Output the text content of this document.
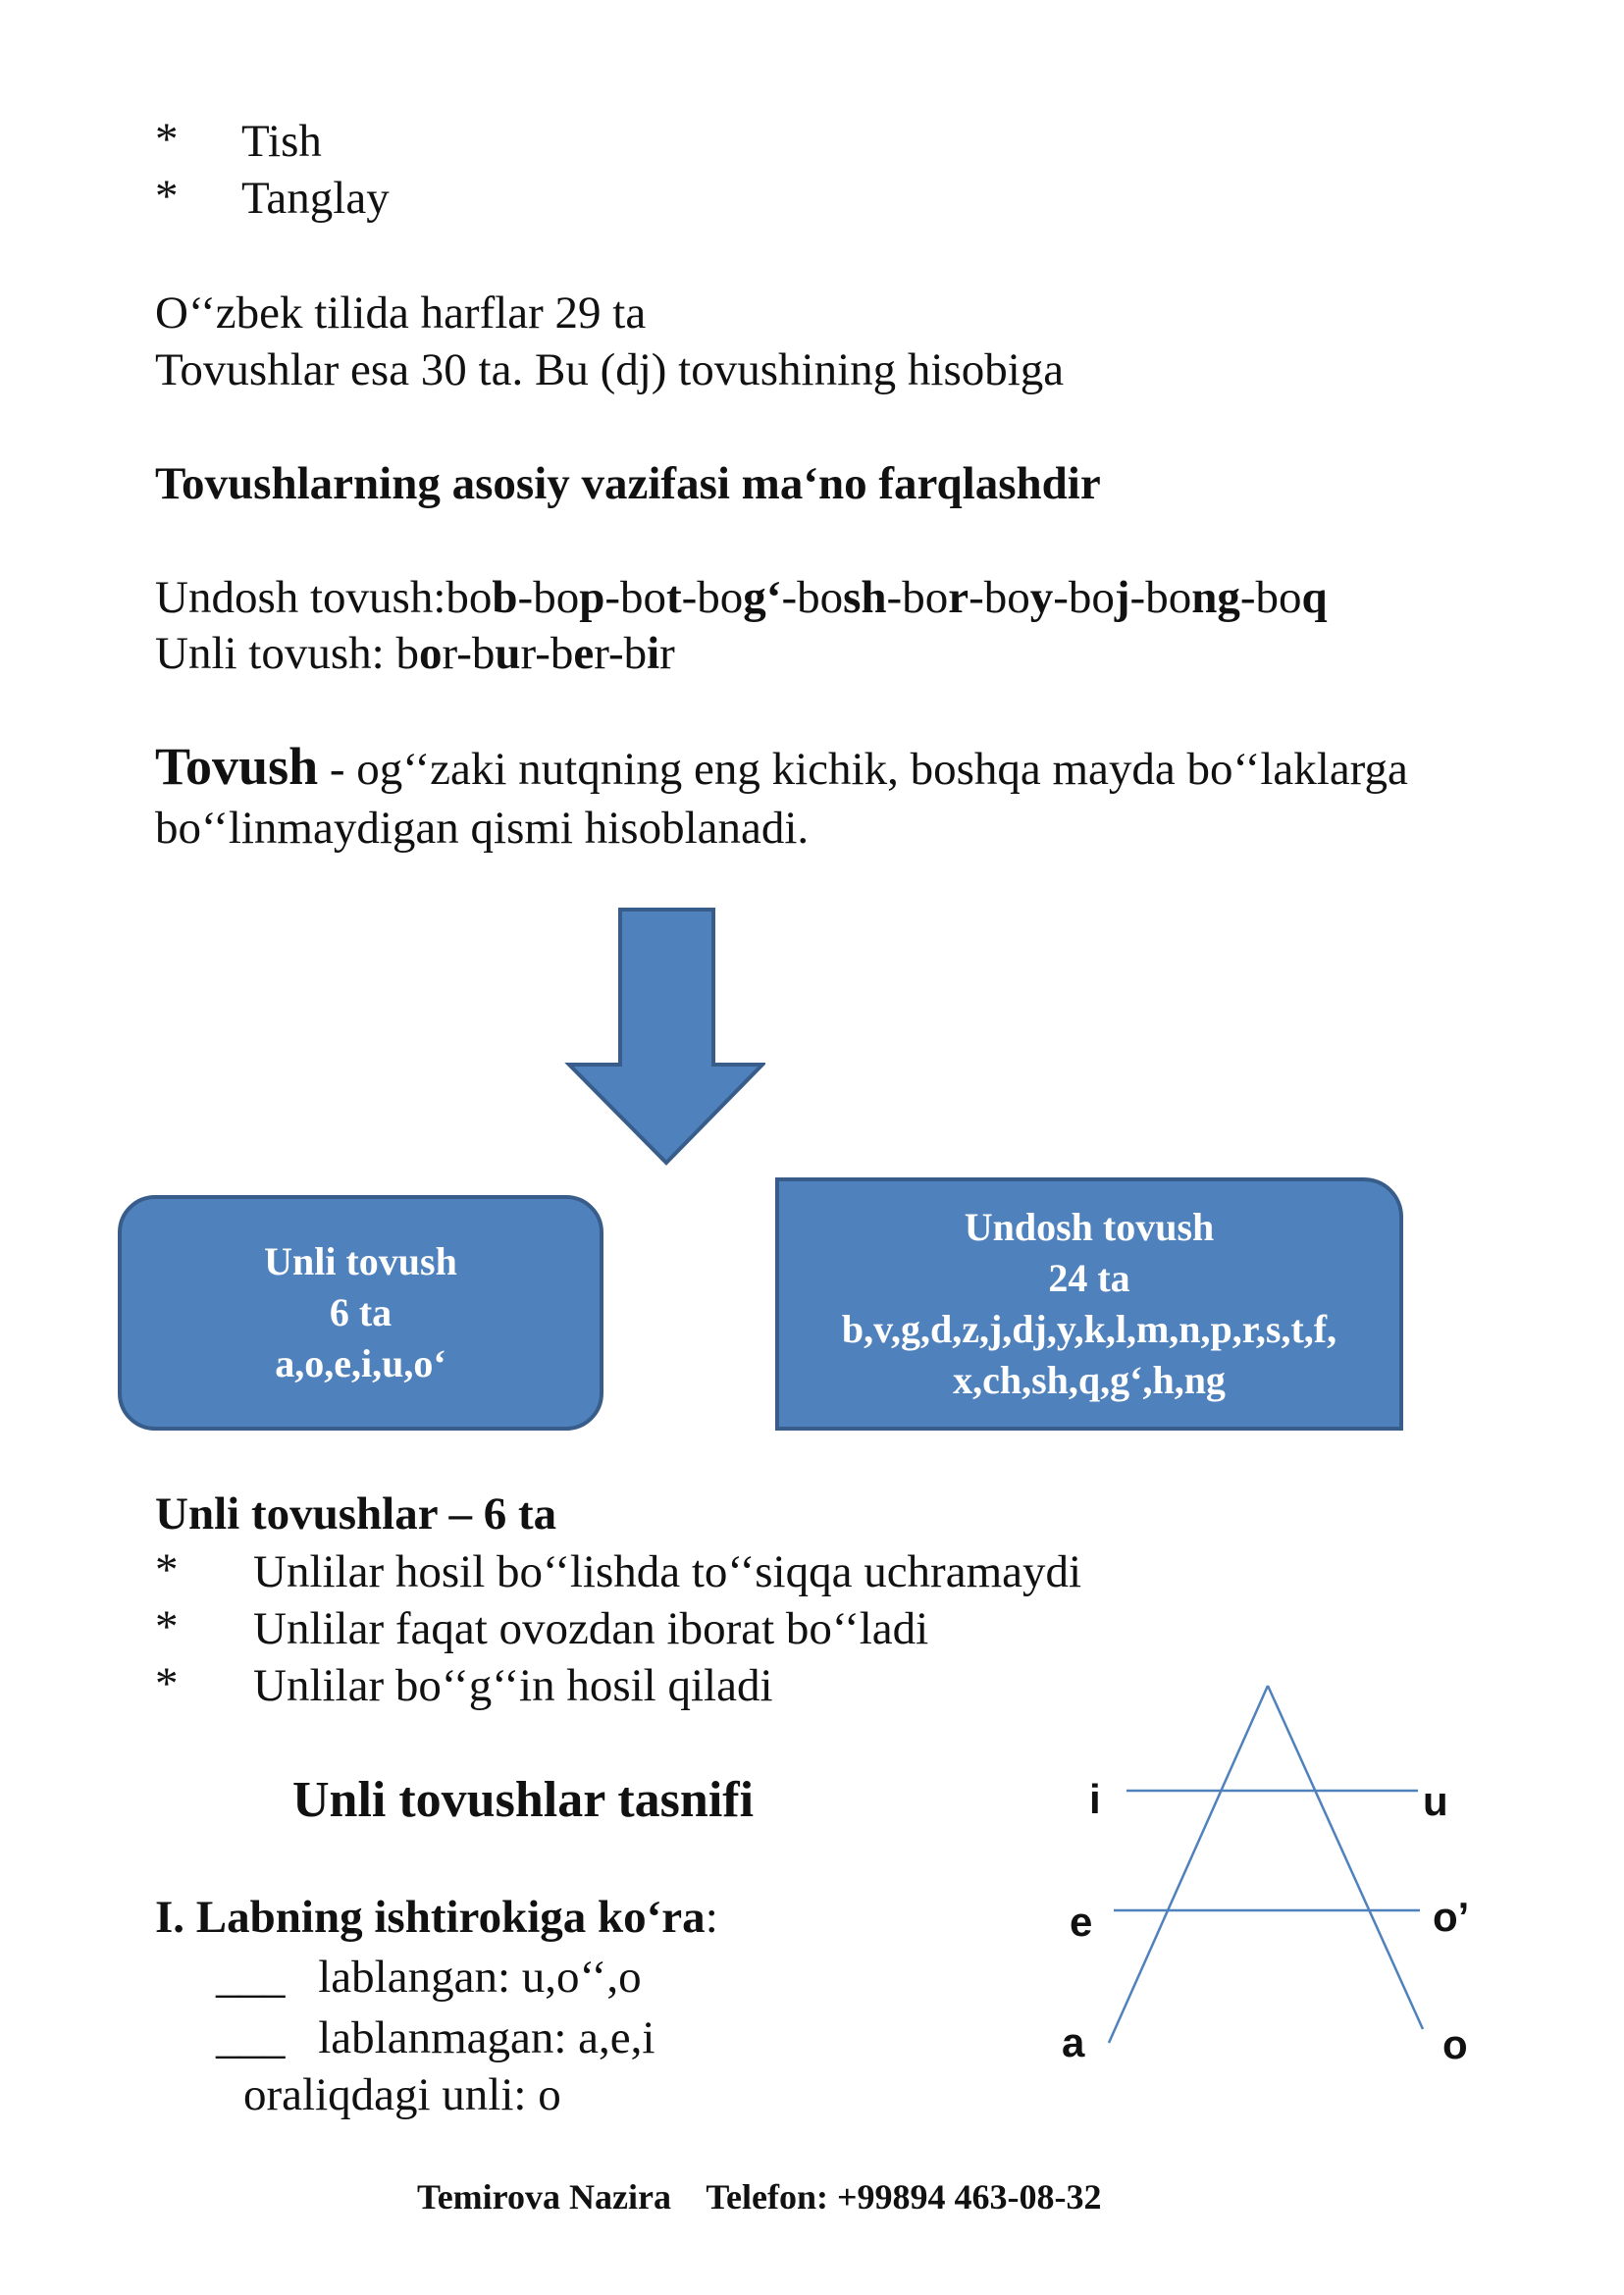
* Tish
* Tanglay
O‘‘zbek tilida harflar 29 ta
Tovushlar esa 30 ta. Bu (dj) tovushining hisobiga
Tovushlarning asosiy vazifasi ma‘no farqlashdir
Undosh tovush:bob-bop-bot-bog‘-bosh-bor-boy-boj-bong-boq
Unli tovush: bor-bur-ber-bir
Tovush - og‘‘zaki nutqning eng kichik, boshqa mayda bo‘‘laklarga
bo‘‘linmaydigan qismi hisoblanadi.
Unli tovush
6 ta
a,o,e,i,u,o‘
Undosh tovush
24 ta
b,v,g,d,z,j,dj,y,k,l,m,n,p,r,s,t,f,
x,ch,sh,q,g‘,h,ng
Unli tovushlar – 6 ta
* Unlilar hosil bo‘‘lishda to‘‘siqqa uchramaydi
* Unlilar faqat ovozdan iborat bo‘‘ladi
* Unlilar bo‘‘g‘‘in hosil qiladi
Unli tovushlar tasnifi
I. Labning ishtirokiga ko‘ra:
___ lablangan: u,o‘‘,o
___ lablanmagan: a,e,i
oraliqdagi unli: o
i	u
e	o’
a	o
Temirova Nazira Telefon: +99894 463-08-32
